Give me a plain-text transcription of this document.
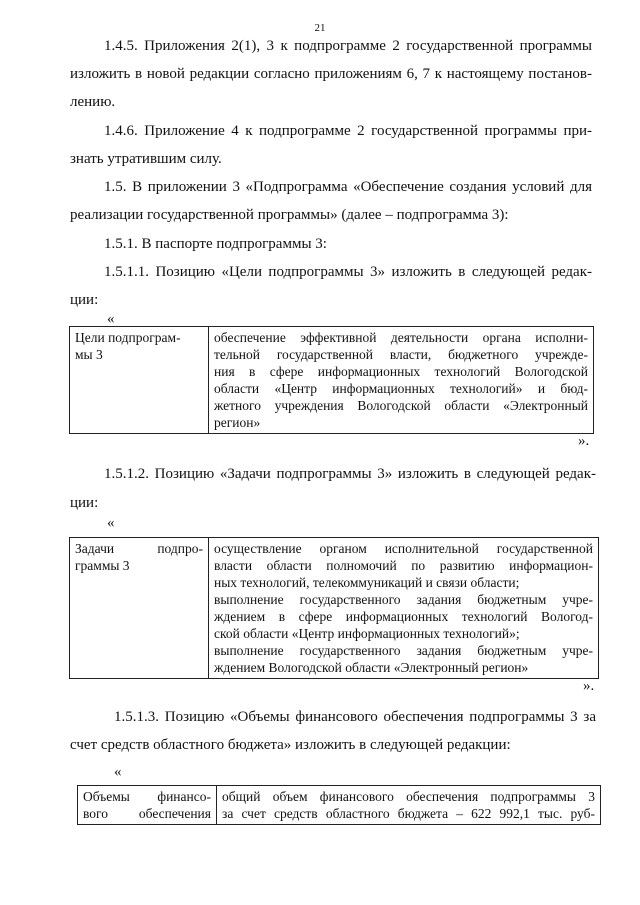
21
1.4.5. Приложения 2(1), 3 к подпрограмме 2 государственной программы
изложить в новой редакции согласно приложениям 6, 7 к настоящему постанов-
лению.
1.4.6. Приложение 4 к подпрограмме 2 государственной программы при-
знать утратившим силу.
1.5. В приложении 3 «Подпрограмма «Обеспечение создания условий для
реализации государственной программы» (далее – подпрограмма 3):
1.5.1. В паспорте подпрограммы 3:
1.5.1.1. Позицию «Цели подпрограммы 3» изложить в следующей редак-
ции:
«
Цели подпрограм-
мы 3

обеспечение эффективной деятельности органа исполни-
тельной государственной власти, бюджетного учрежде-
ния в сфере информационных технологий Вологодской
области «Центр информационных технологий» и бюд-
жетного учреждения Вологодской области «Электронный
регион»
».
1.5.1.2. Позицию «Задачи подпрограммы 3» изложить в следующей редак-
ции:
«
Задачи подпро-
граммы 3

осуществление органом исполнительной государственной
власти области полномочий по развитию информацион-
ных технологий, телекоммуникаций и связи области;
выполнение государственного задания бюджетным учре-
ждением в сфере информационных технологий Вологод-
ской области «Центр информационных технологий»;
выполнение государственного задания бюджетным учре-
ждением Вологодской области «Электронный регион»
».
1.5.1.3. Позицию «Объемы финансового обеспечения подпрограммы 3 за
счет средств областного бюджета» изложить в следующей редакции:
«
Объемы финансо-
вого обеспечения

общий объем финансового обеспечения подпрограммы 3
за счет средств областного бюджета – 622 992,1 тыс. руб-
